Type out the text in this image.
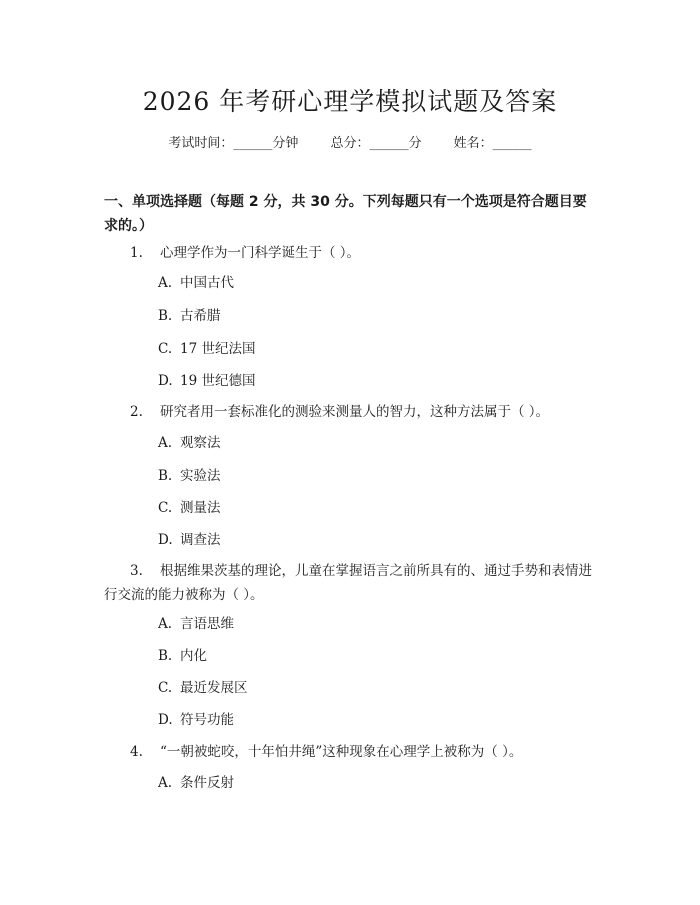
2026 年考研心理学模拟试题及答案
考试时间：______分钟 总分：______分 姓名：______
一、单项选择题（每题 2 分，共 30 分。下列每题只有一个选项是符合题目要求的。）
1. 心理学作为一门科学诞生于（ ）。
A. 中国古代
B. 古希腊
C. 17 世纪法国
D. 19 世纪德国
2. 研究者用一套标准化的测验来测量人的智力，这种方法属于（ ）。
A. 观察法
B. 实验法
C. 测量法
D. 调查法
3. 根据维果茨基的理论，儿童在掌握语言之前所具有的、通过手势和表情进
行交流的能力被称为（ ）。
A. 言语思维
B. 内化
C. 最近发展区
D. 符号功能
4. “一朝被蛇咬，十年怕井绳”这种现象在心理学上被称为（ ）。
A. 条件反射
